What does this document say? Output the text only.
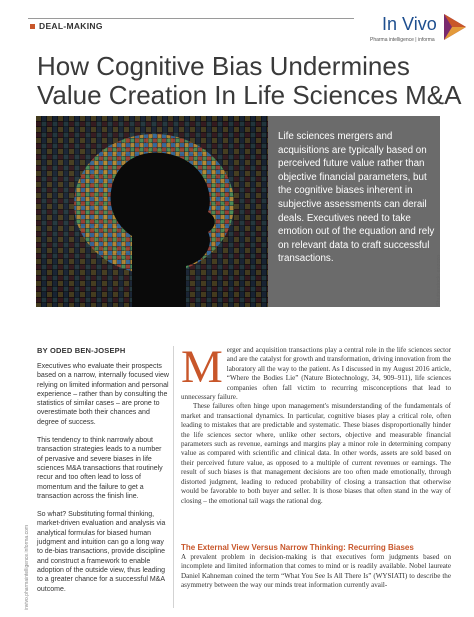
DEAL-MAKING	In Vivo
Pharma intelligence | informa
How Cognitive Bias Undermines
Value Creation In Life Sciences M&A

Life sciences mergers and acquisitions are typically based on perceived future value rather than objective financial parameters, but the cognitive biases inherent in subjective assessments can derail deals. Executives need to take emotion out of the equation and rely on relevant data to craft successful transactions.	Shutterstock: enzozo
BY ODED BEN-JOSEPH

Executives who evaluate their prospects based on a narrow, internally focused view relying on limited information and personal experience – rather than by consulting the statistics of similar cases – are prone to overestimate both their chances and degree of success.

This tendency to think narrowly about transaction strategies leads to a number of pervasive and severe biases in life sciences M&A transactions that routinely recur and too often lead to loss of momentum and the failure to get a transaction across the finish line.

So what? Substituting formal thinking, market-driven evaluation and analysis via analytical formulas for biased human judgment and intuition can go a long way to de-bias transactions, provide discipline and construct a framework to enable adoption of the outside view, thus leading to a greater chance for a successful M&A outcome.

invivo.pharmaintelligence.informa.com

Merger and acquisition transactions play a central role in the life sciences sector and are the catalyst for growth and transformation, driving innovation from the laboratory all the way to the patient. As I discussed in my August 2016 article, “Where the Bodies Lie” (Nature Biotechnology, 34, 909–911), life sciences companies often fall victim to recurring misconceptions that lead to unnecessary failure.

These failures often hinge upon management's misunderstanding of the fundamentals of market and transactional dynamics. In particular, cognitive biases play a critical role, often leading to mistakes that are predictable and systematic. These biases disproportionally hinder the life sciences sector where, unlike other sectors, objective and measurable financial parameters such as revenue, earnings and margins play a minor role in determining company value as compared with scientific and clinical data. In other words, assets are sold based on their perceived future value, as opposed to a multiple of current revenues or earnings. The result of such biases is that management decisions are too often made emotionally, through distorted judgment, leading to reduced probability of closing a transaction that otherwise would be favorable to both buyer and seller. It is those biases that often stand in the way of closing – the emotional tail wags the rational dog.

The External View Versus Narrow Thinking: Recurring Biases

A prevalent problem in decision-making is that executives form judgments based on incomplete and limited information that comes to mind or is readily available. Nobel laureate Daniel Kahneman coined the term “What You See Is All There Is” (WYSIATI) to describe the asymmetry between the way our minds treat information currently avail-
